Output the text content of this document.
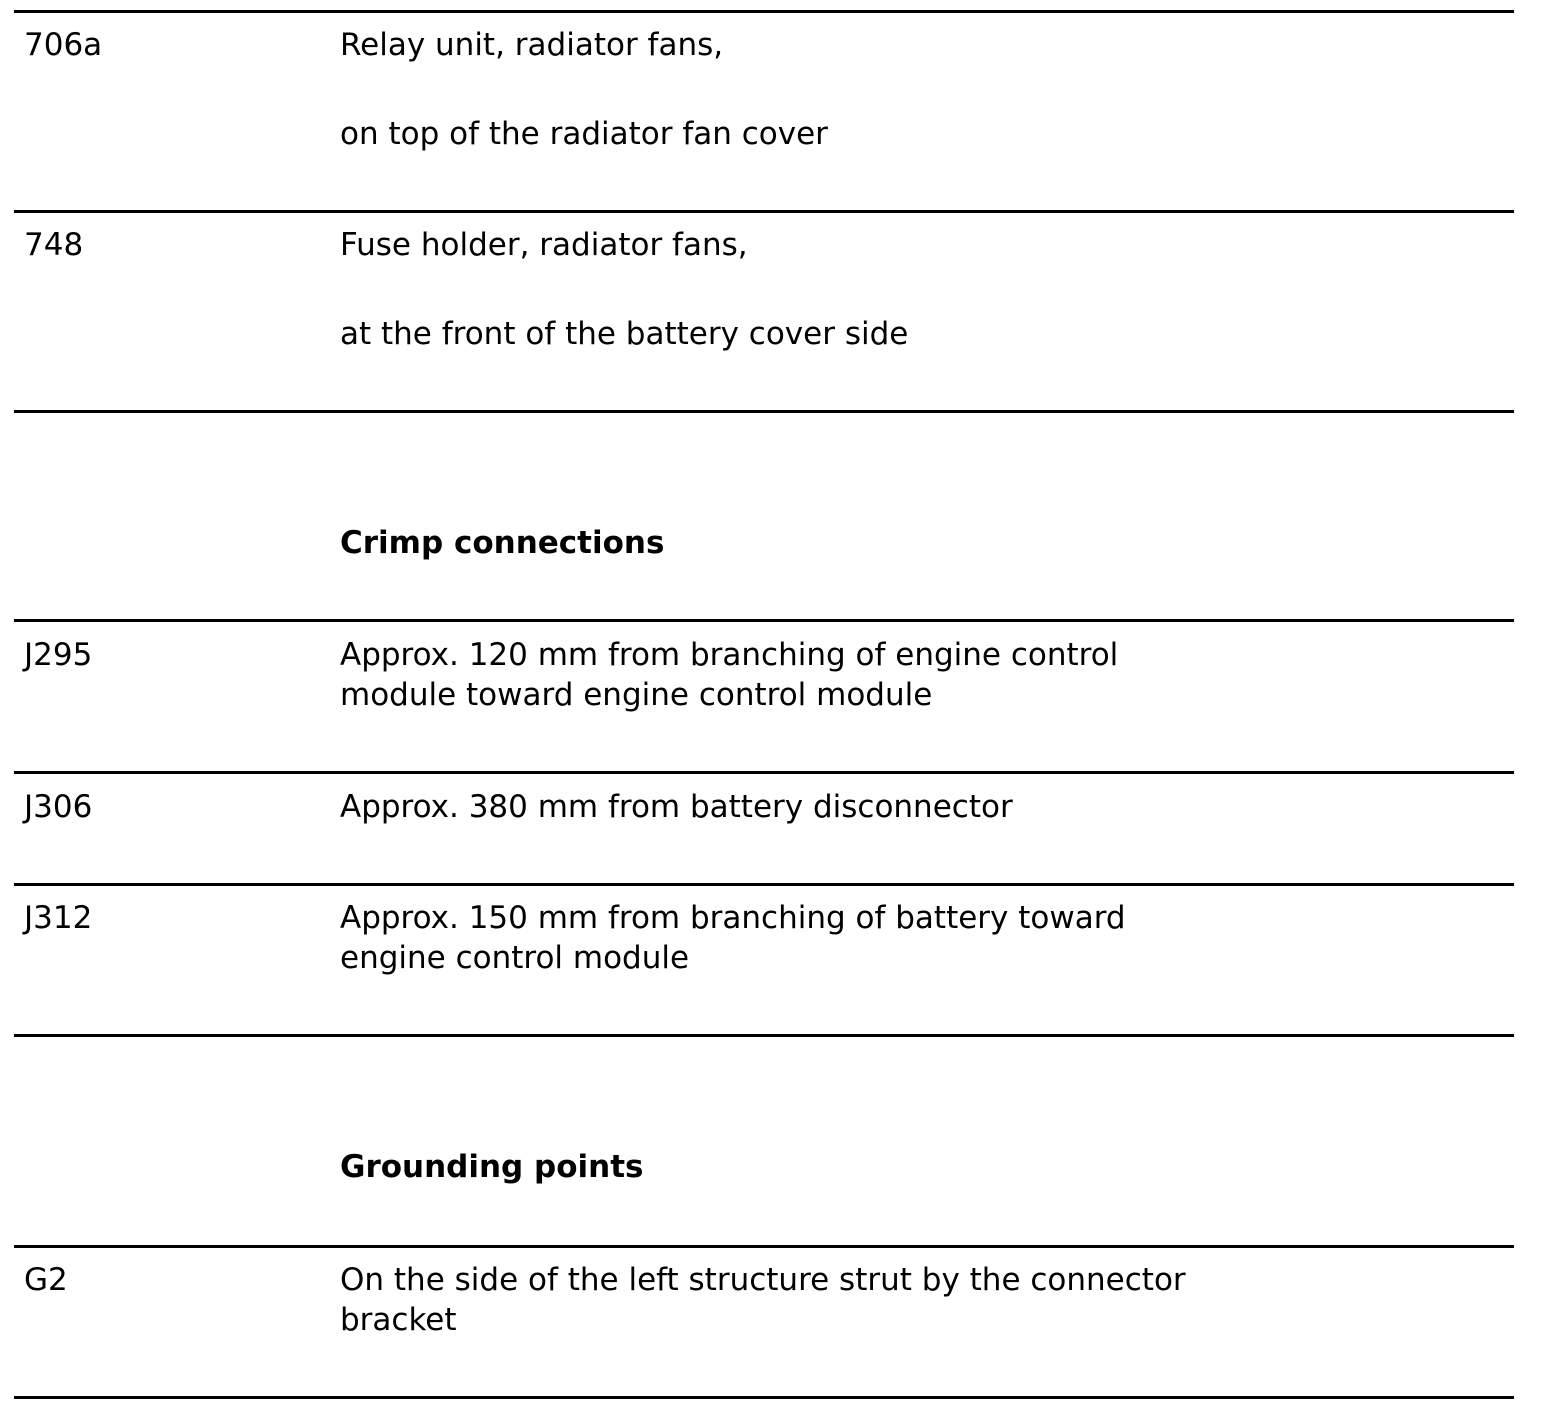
706a	Relay unit, radiator fans,
on top of the radiator fan cover
748	Fuse holder, radiator fans,
at the front of the battery cover side
Crimp connections
J295	Approx. 120 mm from branching of engine control
module toward engine control module
J306	Approx. 380 mm from battery disconnector
J312	Approx. 150 mm from branching of battery toward
engine control module
Grounding points
G2	On the side of the left structure strut by the connector
bracket
